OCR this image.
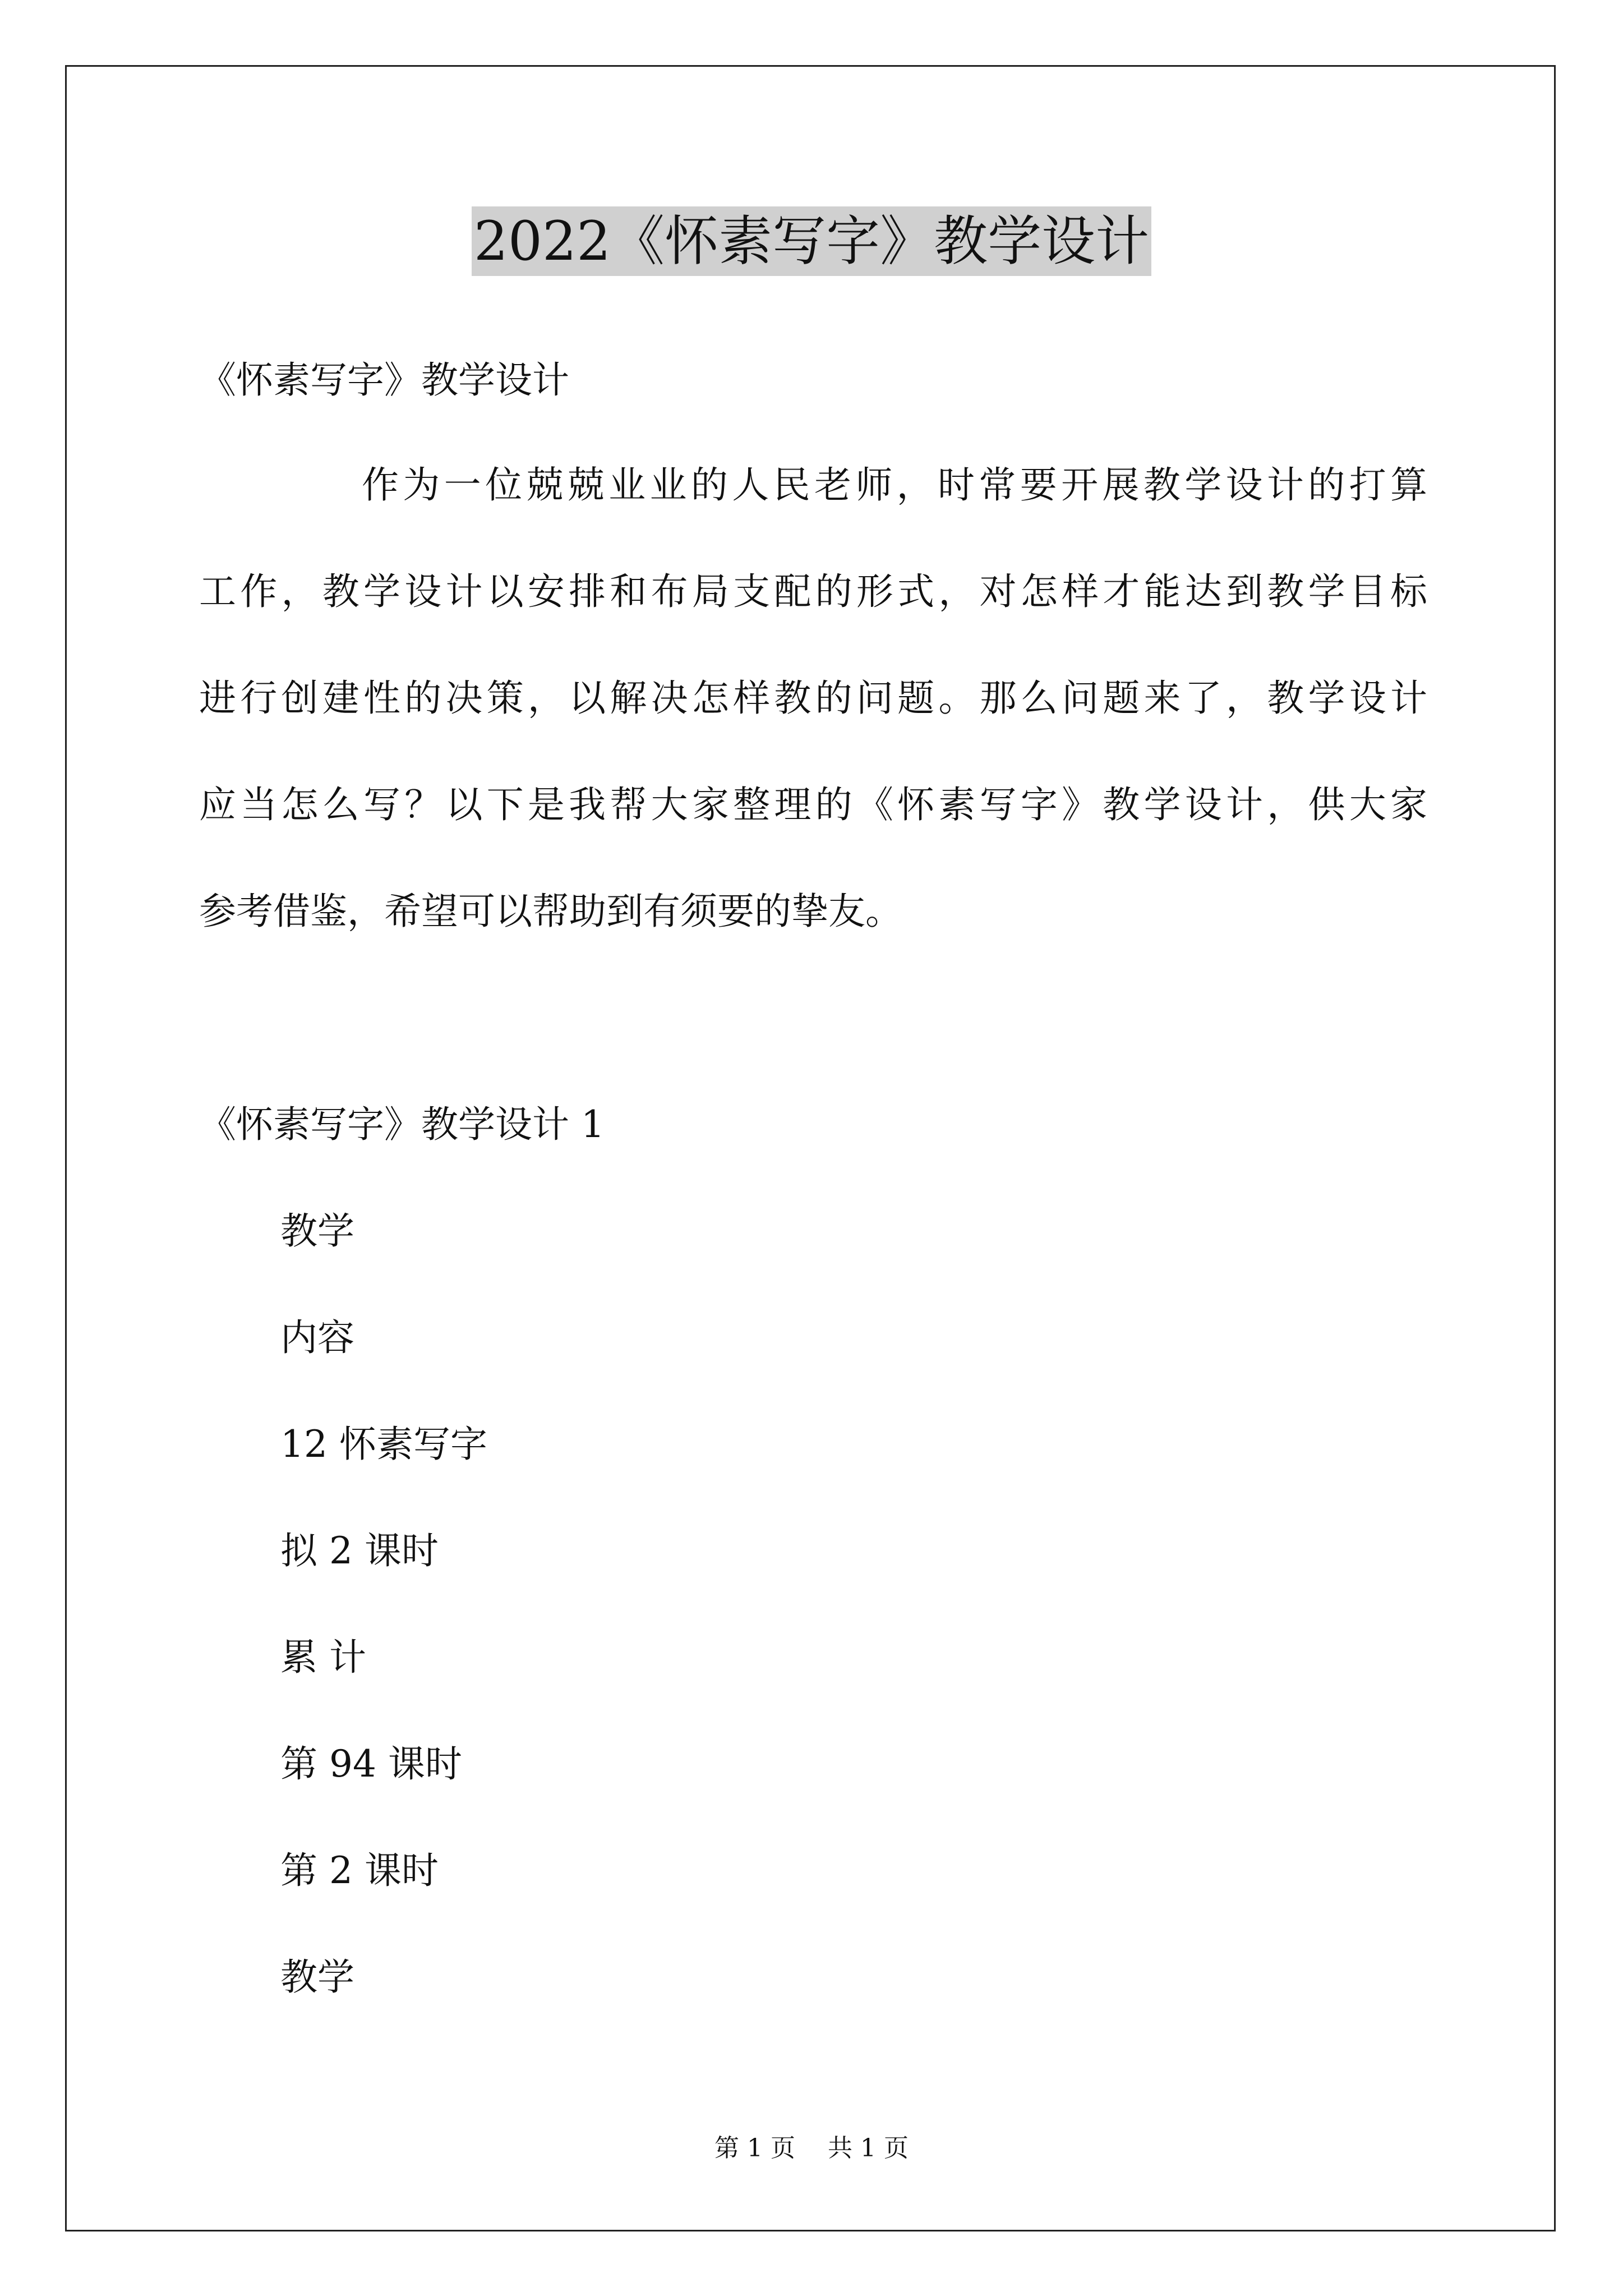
2022《怀素写字》教学设计

《怀素写字》教学设计

作为一位兢兢业业的人民老师，时常要开展教学设计的打算

工作，教学设计以安排和布局支配的形式，对怎样才能达到教学目标

进行创建性的决策，以解决怎样教的问题。那么问题来了，教学设计

应当怎么写？以下是我帮大家整理的《怀素写字》教学设计，供大家

参考借鉴，希望可以帮助到有须要的挚友。

《怀素写字》教学设计 1

教学

内容

12 怀素写字

拟 2 课时

累 计

第 94 课时

第 2 课时

教学

第 1 页 共 1 页
